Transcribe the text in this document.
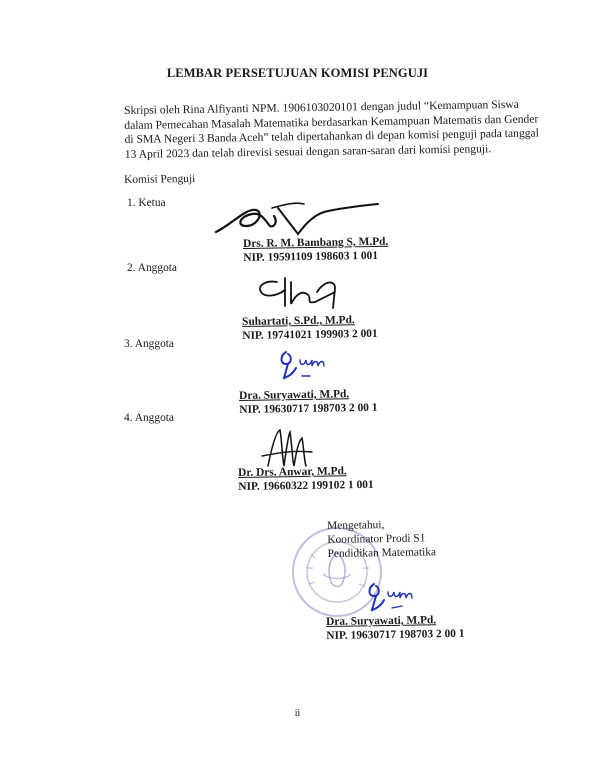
LEMBAR PERSETUJUAN KOMISI PENGUJI

Skripsi oleh Rina Alfiyanti NPM. 1906103020101 dengan judul “Kemampuan Siswa
dalam Pemecahan Masalah Matematika berdasarkan Kemampuan Matematis dan Gender
di SMA Negeri 3 Banda Aceh” telah dipertahankan di depan komisi penguji pada tanggal
13 April 2023 dan telah direvisi sesuai dengan saran-saran dari komisi penguji.

Komisi Penguji
1. Ketua
Drs. R. M. Bambang S, M.Pd.
NIP. 19591109 198603 1 001
2. Anggota
Suhartati, S.Pd., M.Pd.
NIP. 19741021 199903 2 001
3. Anggota
Dra. Suryawati, M.Pd.
NIP. 19630717 198703 2 00 1
4. Anggota
Dr. Drs. Anwar, M.Pd.
NIP. 19660322 199102 1 001
Mengetahui,
Koordinator Prodi S1
Pendidikan Matematika
Dra. Suryawati, M.Pd.
NIP. 19630717 198703 2 00 1
ii
